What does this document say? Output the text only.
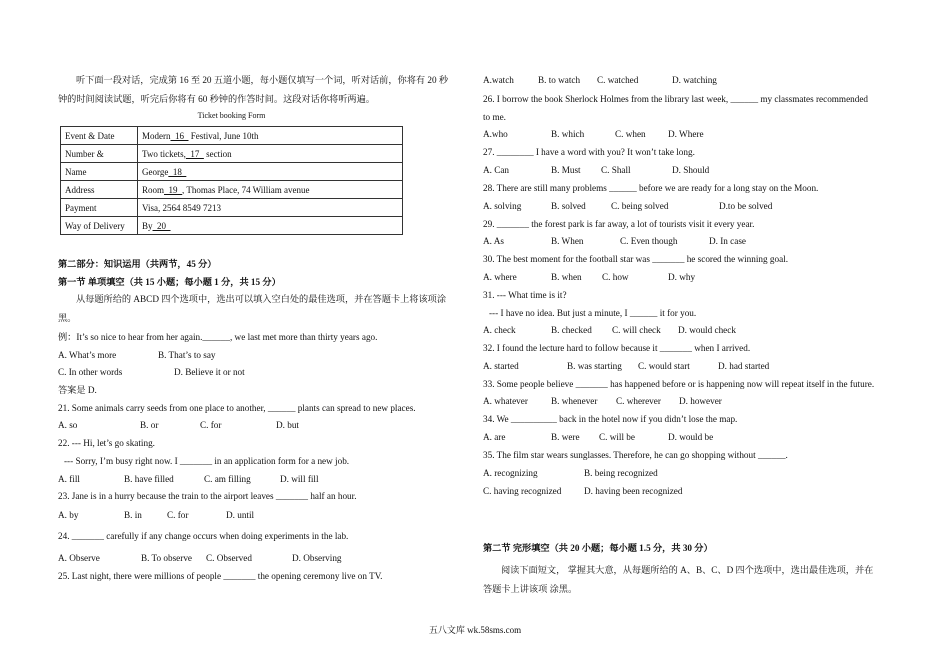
听下面一段对话，完成第 16 至 20 五道小题，每小题仅填写一个词，听对话前，你将有 20 秒
钟的时间阅读试题，听完后你将有 60 秒钟的作答时间。这段对话你将听两遍。
Ticket booking Form
Event & Date	Modern  16   Festival, June 10th
Number &	Two tickets,  17   section
Name	George  18
Address	Room  19  , Thomas Place, 74 William avenue
Payment	Visa, 2564 8549 7213
Way of Delivery	By  20
第二部分：知识运用（共两节，45 分）
第一节 单项填空（共 15 小题；每小题 1 分，共 15 分）
从每题所给的 ABCD 四个选项中，选出可以填入空白处的最佳选项，并在答题卡上将该项涂
黑。
例：It’s so nice to hear from her again.______, we last met more than thirty years ago.
A. What’s more	B. That’s to say
C. In other words	D. Believe it or not
答案是 D.
21. Some animals carry seeds from one place to another, ______ plants can spread to new places.
A. so	B. or	C. for	D. but
22. --- Hi, let’s go skating.
--- Sorry, I’m busy right now. I _______ in an application form for a new job.
A. fill	B. have filled	C. am filling	D. will fill
23. Jane is in a hurry because the train to the airport leaves _______ half an hour.
A. by	B. in	C. for	D. until
24. _______ carefully if any change occurs when doing experiments in the lab.
A. Observe	B. To observe C. Observed	D. Observing
25. Last night, there were millions of people _______ the opening ceremony live on TV.
A.watch	B. to watch C. watched	D. watching
26. I borrow the book Sherlock Holmes from the library last week, ______ my classmates recommended
to me.
A.who	B. which	C. when D. Where
27. ________ I have a word with you? It won’t take long.
A. Can	B. Must C. Shall	D. Should
28. There are still many problems ______ before we are ready for a long stay on the Moon.
A. solving	B. solved	C. being solved	D.to be solved
29. _______ the forest park is far away, a lot of tourists visit it every year.
A. As	B. When	C. Even though	D. In case
30. The best moment for the football star was _______ he scored the winning goal.
A. where	B. when C. how	D. why
31. --- What time is it?
--- I have no idea. But just a minute, I ______ it for you.
A. check	B. checked C. will check D. would check
32. I found the lecture hard to follow because it _______ when I arrived.
A. started	B. was starting C. would start	D. had started
33. Some people believe _______ has happened before or is happening now will repeat itself in the future.
A. whatever	B. whenever C. wherever D. however
34. We __________ back in the hotel now if you didn’t lose the map.
A. are	B. were C. will be	D. would be
35. The film star wears sunglasses. Therefore, he can go shopping without ______.
A. recognizing	B. being recognized
C. having recognized D. having been recognized
第二节 完形填空（共 20 小题；每小题 1.5 分，共 30 分）
阅读下面短文， 掌握其大意，从每题所给的 A、B、C、D 四个选项中，选出最佳选项，并在
答题卡上讲该项 涂黑。
五八文库 wk.58sms.com
